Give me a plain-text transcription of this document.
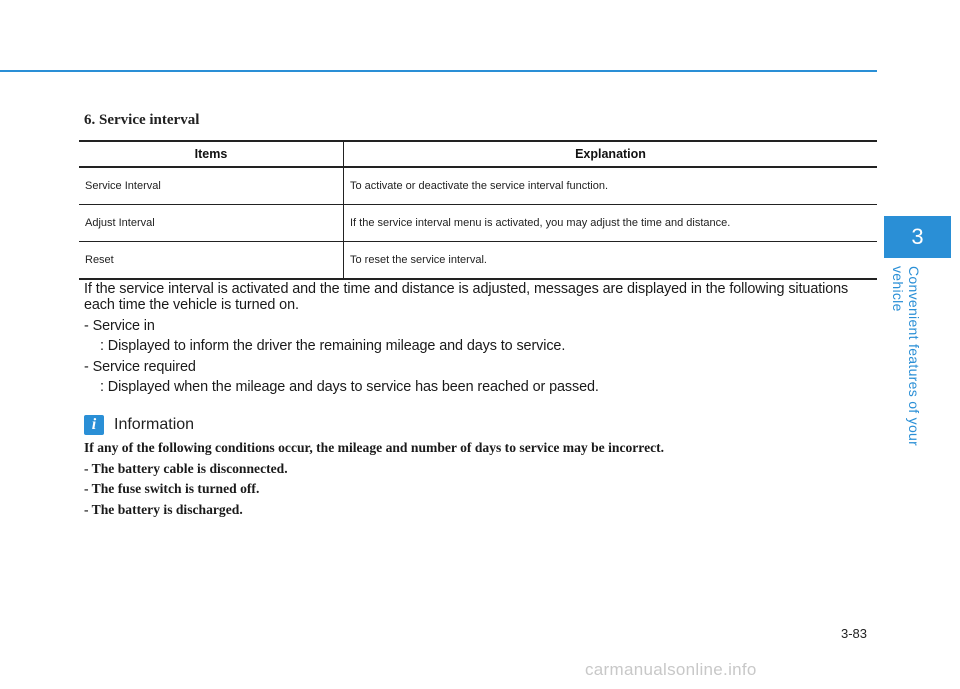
6. Service interval
Items	Explanation
Service Interval	To activate or deactivate the service interval function.
Adjust Interval	If the service interval menu is activated, you may adjust the time and distance.
Reset	To reset the service interval.

If the service interval is activated and the time and distance is adjusted, messages are displayed in the following situations each time the vehicle is turned on.

- Service in

: Displayed to inform the driver the remaining mileage and days to service.

- Service required

: Displayed when the mileage and days to service has been reached or passed.

i	Information

If any of the following conditions occur, the mileage and number of days to service may be incorrect.

- The battery cable is disconnected.

- The fuse switch is turned off.

- The battery is discharged.

3
Convenient features of your vehicle
3-83
carmanualsonline.info
